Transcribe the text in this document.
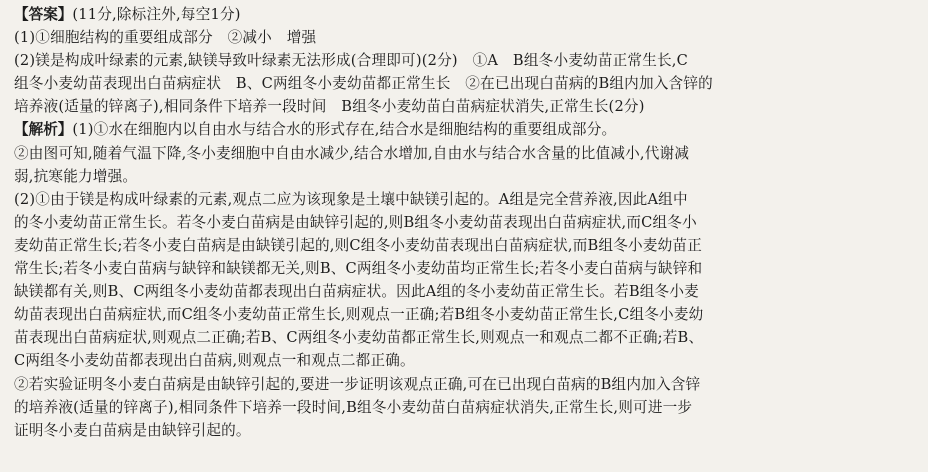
【答案】(11分,除标注外,每空1分)
(1)①细胞结构的重要组成部分　②减小　增强
(2)镁是构成叶绿素的元素,缺镁导致叶绿素无法形成(合理即可)(2分)　①A　B组冬小麦幼苗正常生长,C
组冬小麦幼苗表现出白苗病症状　B、C两组冬小麦幼苗都正常生长　②在已出现白苗病的B组内加入含锌的
培养液(适量的锌离子),相同条件下培养一段时间　B组冬小麦幼苗白苗病症状消失,正常生长(2分)
【解析】(1)①水在细胞内以自由水与结合水的形式存在,结合水是细胞结构的重要组成部分。
②由图可知,随着气温下降,冬小麦细胞中自由水减少,结合水增加,自由水与结合水含量的比值减小,代谢减
弱,抗寒能力增强。
(2)①由于镁是构成叶绿素的元素,观点二应为该现象是土壤中缺镁引起的。A组是完全营养液,因此A组中
的冬小麦幼苗正常生长。若冬小麦白苗病是由缺锌引起的,则B组冬小麦幼苗表现出白苗病症状,而C组冬小
麦幼苗正常生长;若冬小麦白苗病是由缺镁引起的,则C组冬小麦幼苗表现出白苗病症状,而B组冬小麦幼苗正
常生长;若冬小麦白苗病与缺锌和缺镁都无关,则B、C两组冬小麦幼苗均正常生长;若冬小麦白苗病与缺锌和
缺镁都有关,则B、C两组冬小麦幼苗都表现出白苗病症状。因此A组的冬小麦幼苗正常生长。若B组冬小麦
幼苗表现出白苗病症状,而C组冬小麦幼苗正常生长,则观点一正确;若B组冬小麦幼苗正常生长,C组冬小麦幼
苗表现出白苗病症状,则观点二正确;若B、C两组冬小麦幼苗都正常生长,则观点一和观点二都不正确;若B、
C两组冬小麦幼苗都表现出白苗病,则观点一和观点二都正确。
②若实验证明冬小麦白苗病是由缺锌引起的,要进一步证明该观点正确,可在已出现白苗病的B组内加入含锌
的培养液(适量的锌离子),相同条件下培养一段时间,B组冬小麦幼苗白苗病症状消失,正常生长,则可进一步
证明冬小麦白苗病是由缺锌引起的。
